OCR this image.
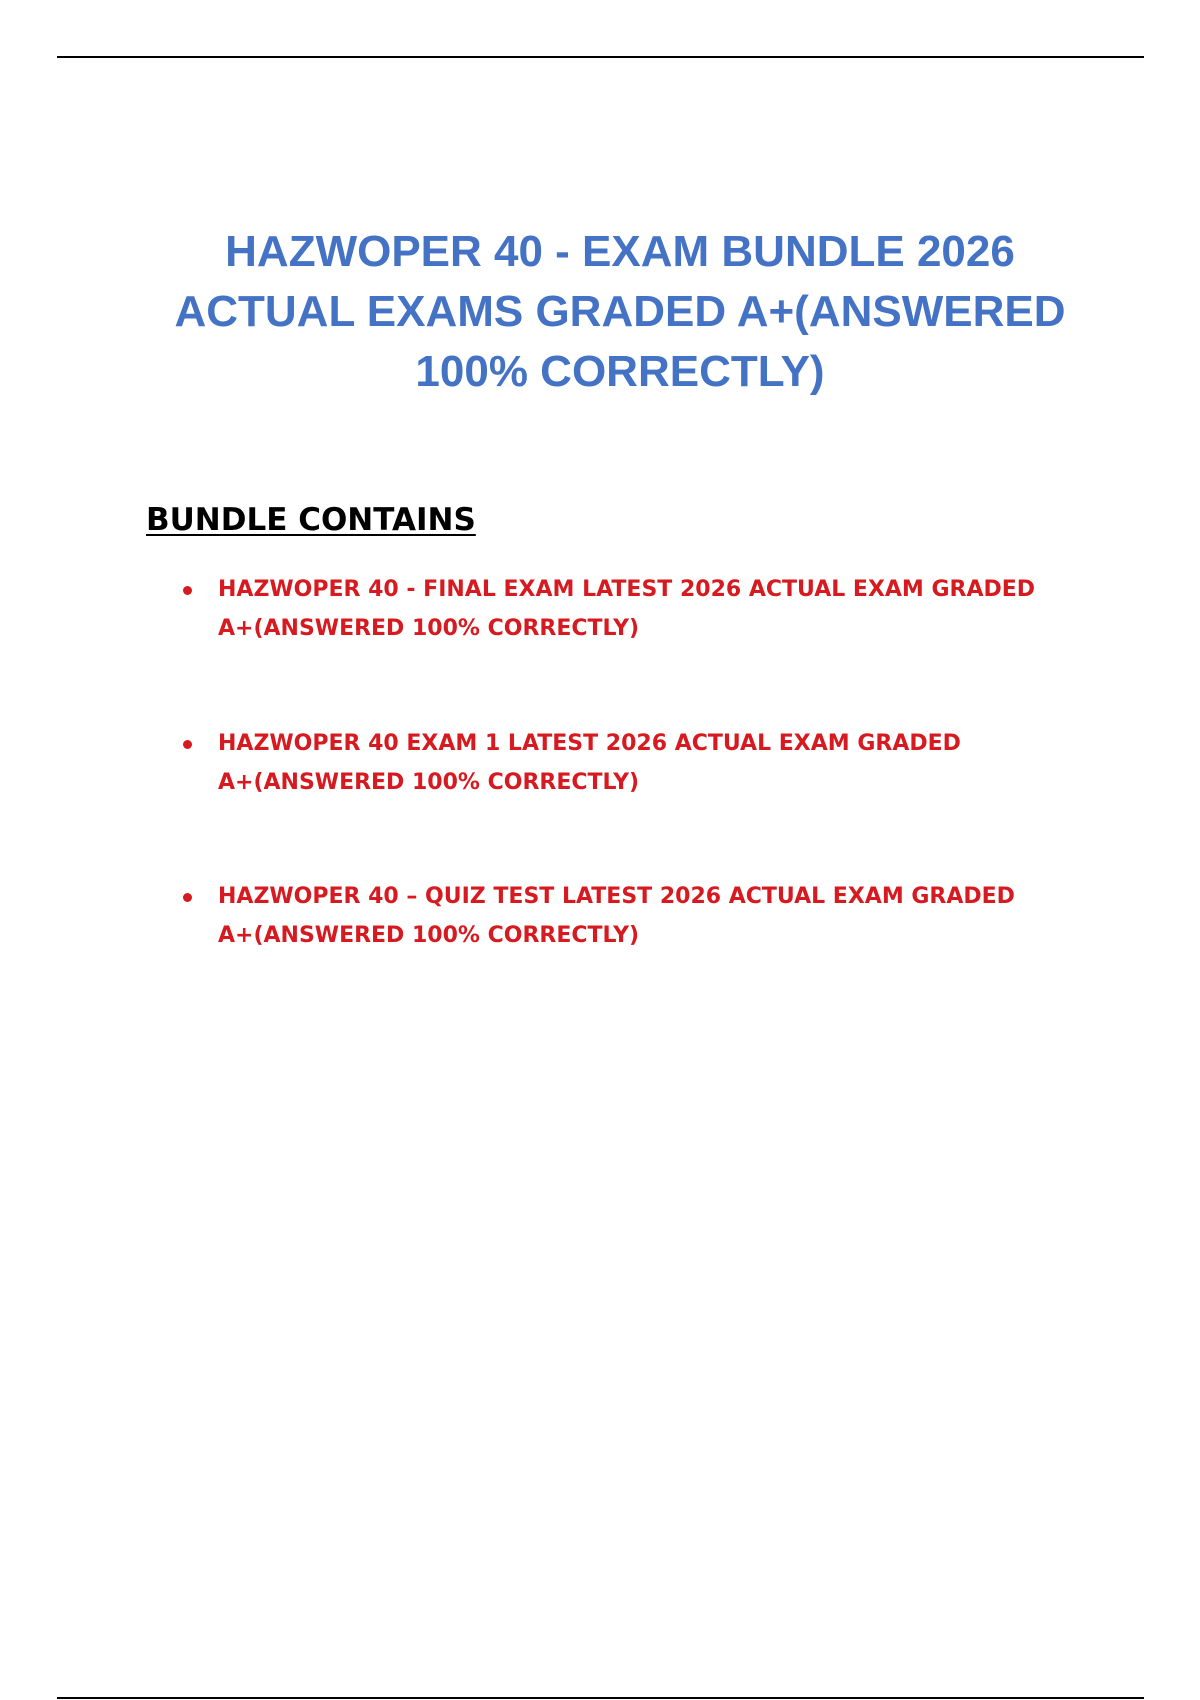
HAZWOPER 40 - EXAM BUNDLE 2026
ACTUAL EXAMS GRADED A+(ANSWERED
100% CORRECTLY)
BUNDLE CONTAINS
HAZWOPER 40 - FINAL EXAM LATEST 2026 ACTUAL EXAM GRADED
A+(ANSWERED 100% CORRECTLY)
HAZWOPER 40 EXAM 1 LATEST 2026 ACTUAL EXAM GRADED
A+(ANSWERED 100% CORRECTLY)
HAZWOPER 40 – QUIZ TEST LATEST 2026 ACTUAL EXAM GRADED
A+(ANSWERED 100% CORRECTLY)
